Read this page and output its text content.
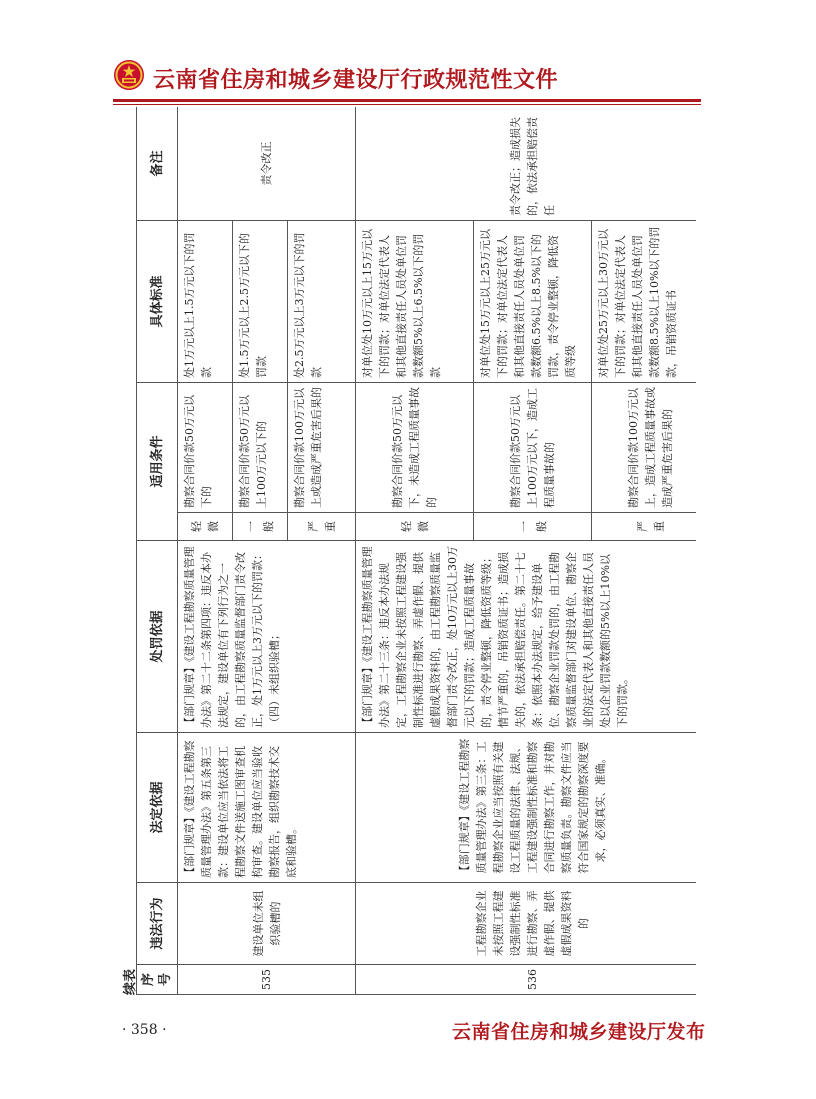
云南省住房和城乡建设厅行政规范性文件
续表 序号	违法行为	法定依据	处罚依据	适用条件		具体标准	备注
535	建设单位未组织验槽的	【部门规章】《建设工程勘察质量管理办法》第五条第三款：建设单位应当依法将工程勘察文件送施工图审查机构审查。建设单位应当验收勘察报告，组织勘察技术交底和验槽。	【部门规章】《建设工程勘察质量管理办法》第二十二条第四项：违反本办法规定，建设单位有下列行为之一的，由工程勘察质量监督部门责令改正，处1万元以上3万元以下的罚款：（四）未组织验槽；	轻微	勘察合同价款50万元以下的	处1万元以上1.5万元以下的罚款	责令改正
				一般	勘察合同价款50万元以上100万元以下的	处1.5万元以上2.5万元以下的罚款	
				严重	勘察合同价款100万元以上或造成严重危害后果的	处2.5万元以上3万元以下的罚款	
536	工程勘察企业未按照工程建设强制性标准进行勘察、弄虚作假、提供虚假成果资料的	【部门规章】《建设工程勘察质量管理办法》第三条：工程勘察企业应当按照有关建设工程质量的法律、法规、工程建设强制性标准和勘察合同进行勘察工作，并对勘察质量负责。勘察文件应当符合国家规定的勘察深度要求，必须真实、准确。	【部门规章】《建设工程勘察质量管理办法》第二十三条：违反本办法规定，工程勘察企业未按照工程建设强制性标准进行勘察、弄虚作假、提供虚假成果资料的，由工程勘察质量监督部门责令改正，处10万元以上30万元以下的罚款；造成工程质量事故的，责令停业整顿，降低资质等级；情节严重的，吊销资质证书；造成损失的，依法承担赔偿责任。第二十七条：依照本办法规定，给予建设单位、勘察企业罚款处罚的，由工程勘察质量监督部门对建设单位、勘察企业的法定代表人和其他直接责任人员处以企业罚款数额的5%以上10%以下的罚款。	轻微	勘察合同价款50万元以下，未造成工程质量事故的	对单位处10万元以上15万元以下的罚款；对单位法定代表人和其他直接责任人员处单位罚款数额5%以上6.5%以下的罚款	责令改正；造成损失的，依法承担赔偿责任
				一般	勘察合同价款50万元以上100万元以下，造成工程质量事故的	对单位处15万元以上25万元以下的罚款；对单位法定代表人和其他直接责任人员处单位罚款数额6.5%以上8.5%以下的罚款，责令停业整顿，降低资质等级	
				严重	勘察合同价款100万元以上，造成工程质量事故或造成严重危害后果的	对单位处25万元以上30万元以下的罚款；对单位法定代表人和其他直接责任人员处单位罚款数额8.5%以上10%以下的罚款，吊销资质证书	
· 358 ·	云南省住房和城乡建设厅发布
